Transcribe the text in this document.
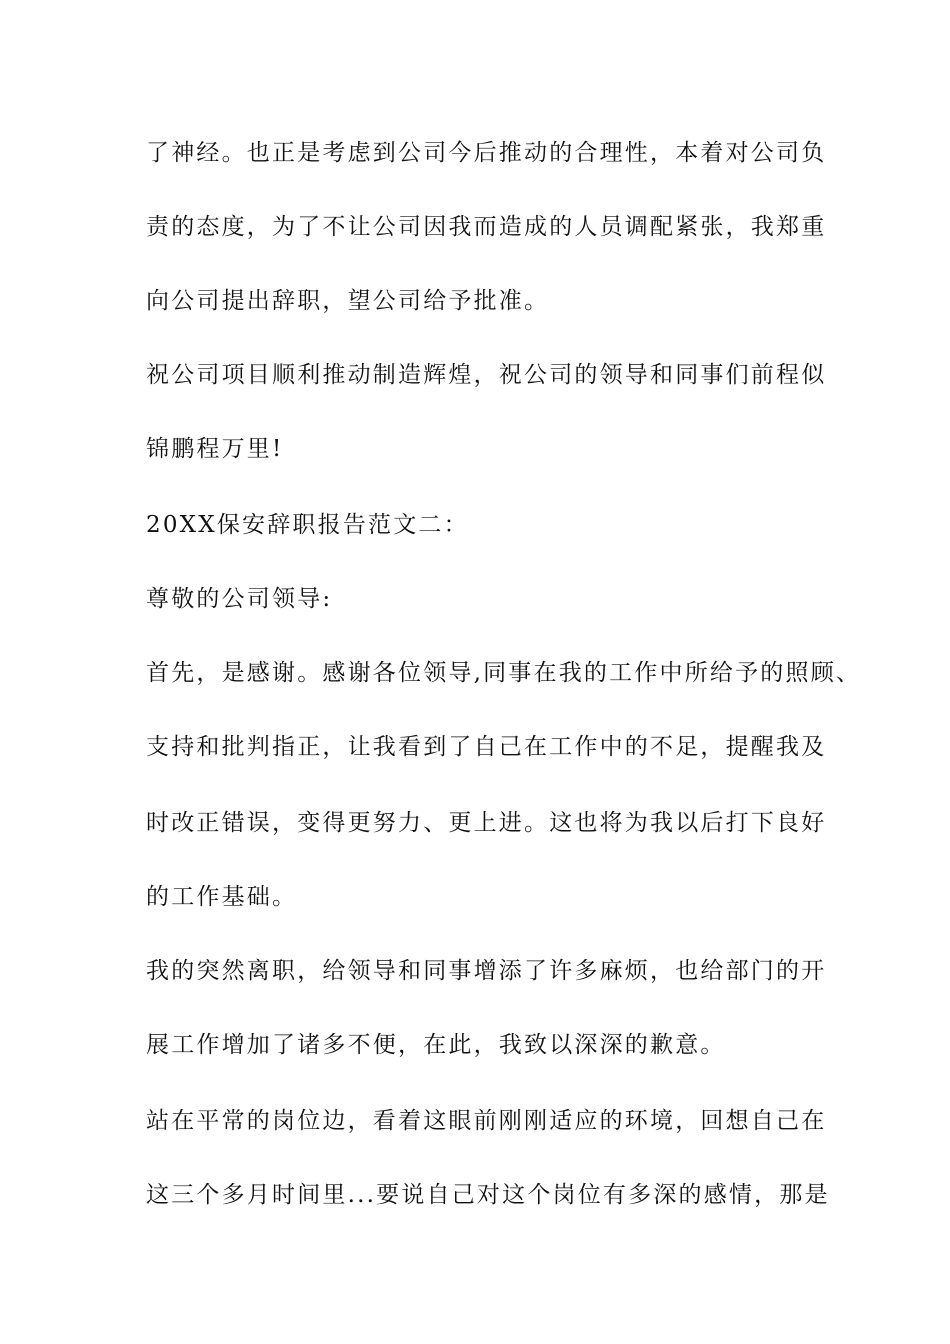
了神经。也正是考虑到公司今后推动的合理性，本着对公司负

责的态度，为了不让公司因我而造成的人员调配紧张，我郑重

向公司提出辞职，望公司给予批准。

祝公司项目顺利推动制造辉煌，祝公司的领导和同事们前程似

锦鹏程万里!

20XX保安辞职报告范文二：

尊敬的公司领导:

首先，是感谢。感谢各位领导,同事在我的工作中所给予的照顾、

支持和批判指正，让我看到了自己在工作中的不足，提醒我及

时改正错误，变得更努力、更上进。这也将为我以后打下良好

的工作基础。

我的突然离职，给领导和同事增添了许多麻烦，也给部门的开

展工作增加了诸多不便，在此，我致以深深的歉意。

站在平常的岗位边，看着这眼前刚刚适应的环境，回想自己在

这三个多月时间里...要说自己对这个岗位有多深的感情，那是
